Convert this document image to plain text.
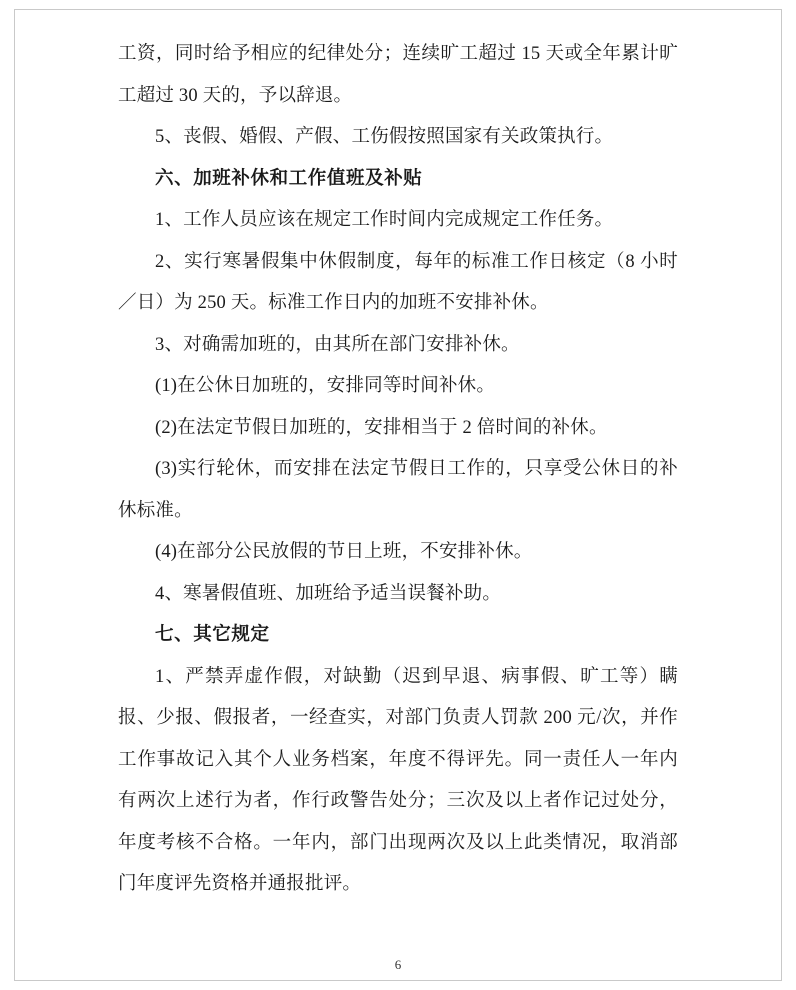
工资，同时给予相应的纪律处分；连续旷工超过 15 天或全年累计旷工超过 30 天的，予以辞退。

5、丧假、婚假、产假、工伤假按照国家有关政策执行。

六、加班补休和工作值班及补贴

1、工作人员应该在规定工作时间内完成规定工作任务。

2、实行寒暑假集中休假制度，每年的标准工作日核定（8 小时／日）为 250 天。标准工作日内的加班不安排补休。

3、对确需加班的，由其所在部门安排补休。

(1)在公休日加班的，安排同等时间补休。

(2)在法定节假日加班的，安排相当于 2 倍时间的补休。

(3)实行轮休，而安排在法定节假日工作的，只享受公休日的补休标准。

(4)在部分公民放假的节日上班，不安排补休。

4、寒暑假值班、加班给予适当误餐补助。

七、其它规定

1、严禁弄虚作假，对缺勤（迟到早退、病事假、旷工等）瞒报、少报、假报者，一经查实，对部门负责人罚款 200 元/次，并作工作事故记入其个人业务档案，年度不得评先。同一责任人一年内有两次上述行为者，作行政警告处分；三次及以上者作记过处分，年度考核不合格。一年内，部门出现两次及以上此类情况，取消部门年度评先资格并通报批评。

6
